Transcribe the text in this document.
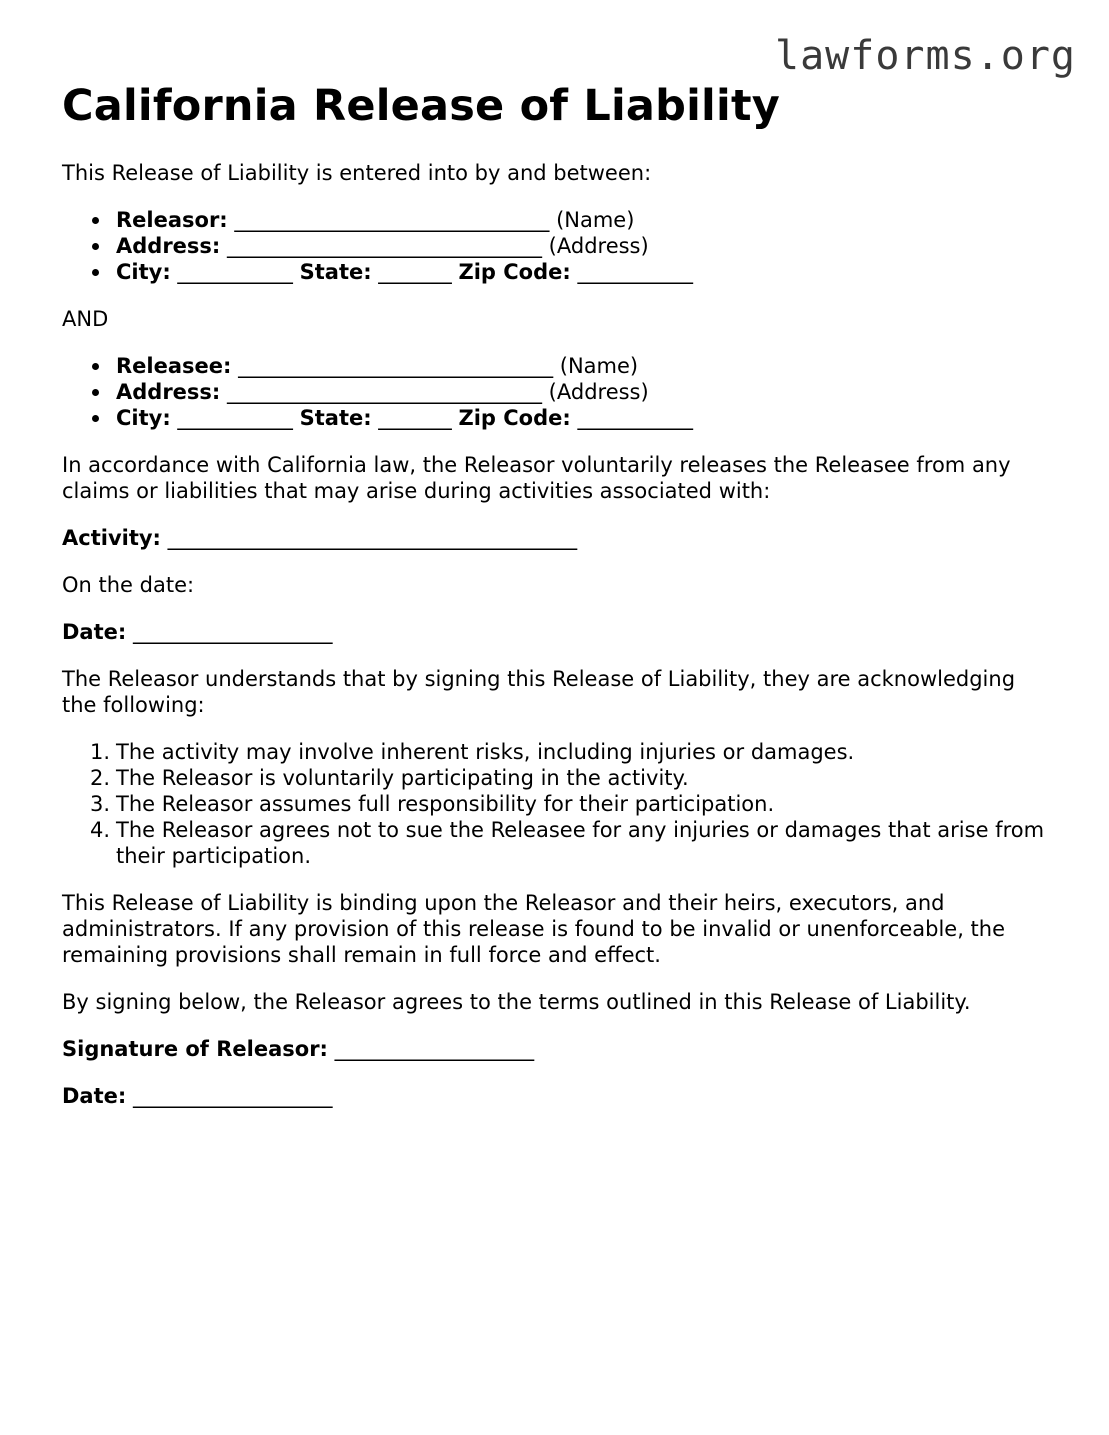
lawforms.org
California Release of Liability

This Release of Liability is entered into by and between:

Releasor: ______________________________ (Name)
Address: ______________________________ (Address)
City: ___________ State: _______ Zip Code: ___________

AND

Releasee: ______________________________ (Name)
Address: ______________________________ (Address)
City: ___________ State: _______ Zip Code: ___________

In accordance with California law, the Releasor voluntarily releases the Releasee from any claims or liabilities that may arise during activities associated with:

Activity: _______________________________________

On the date:

Date: ___________________

The Releasor understands that by signing this Release of Liability, they are acknowledging the following:

1. The activity may involve inherent risks, including injuries or damages.
2. The Releasor is voluntarily participating in the activity.
3. The Releasor assumes full responsibility for their participation.
4. The Releasor agrees not to sue the Releasee for any injuries or damages that arise from their participation.

This Release of Liability is binding upon the Releasor and their heirs, executors, and administrators. If any provision of this release is found to be invalid or unenforceable, the remaining provisions shall remain in full force and effect.

By signing below, the Releasor agrees to the terms outlined in this Release of Liability.

Signature of Releasor: ___________________

Date: ___________________
